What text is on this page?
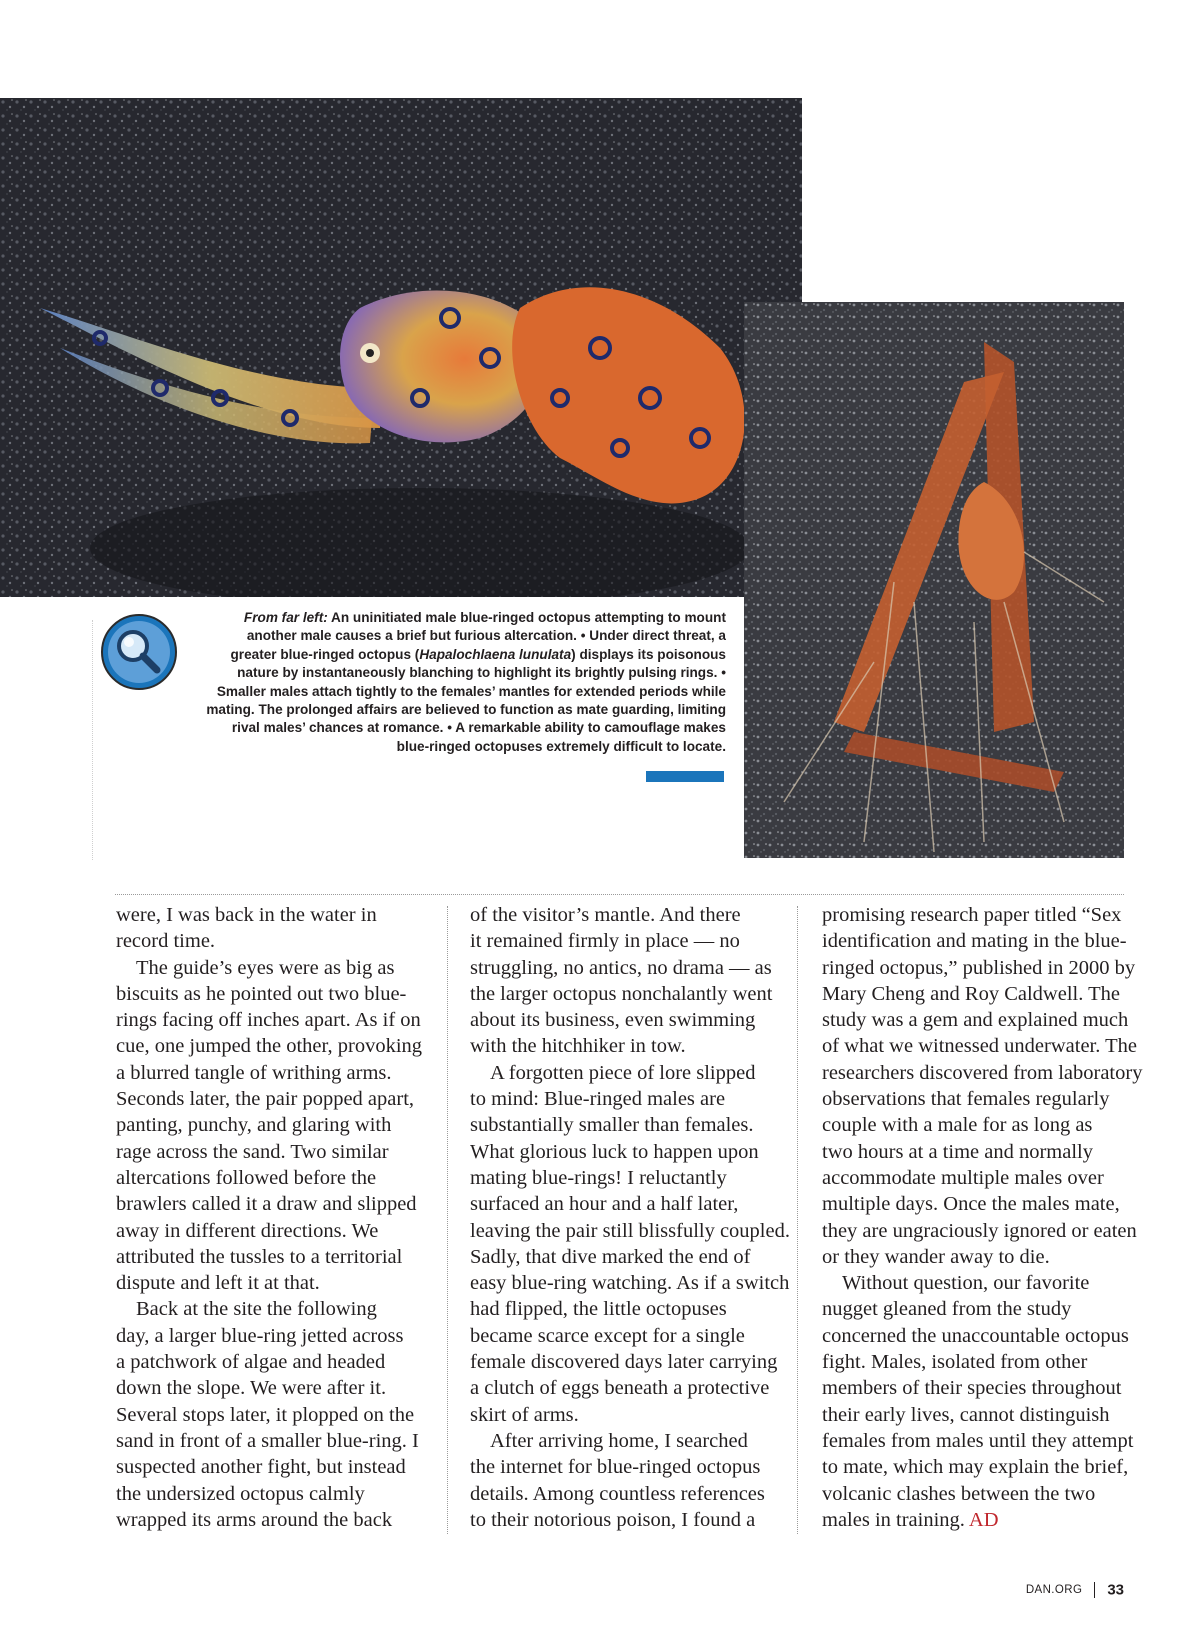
From far left: An uninitiated male blue-ringed octopus attempting to mount another male causes a brief but furious altercation. • Under direct threat, a greater blue-ringed octopus (Hapalochlaena lunulata) displays its poisonous nature by instantaneously blanching to highlight its brightly pulsing rings. • Smaller males attach tightly to the females’ mantles for extended periods while mating. The prolonged affairs are believed to function as mate guarding, limiting rival males’ chances at romance. • A remarkable ability to camouflage makes blue-ringed octopuses extremely difficult to locate.

were, I was back in the water in

record time.

The guide’s eyes were as big as

biscuits as he pointed out two blue-

rings facing off inches apart. As if on

cue, one jumped the other, provoking

a blurred tangle of writhing arms.

Seconds later, the pair popped apart,

panting, punchy, and glaring with

rage across the sand. Two similar

altercations followed before the

brawlers called it a draw and slipped

away in different directions. We

attributed the tussles to a territorial

dispute and left it at that.

Back at the site the following

day, a larger blue-ring jetted across

a patchwork of algae and headed

down the slope. We were after it.

Several stops later, it plopped on the

sand in front of a smaller blue-ring. I

suspected another fight, but instead

the undersized octopus calmly

wrapped its arms around the back

of the visitor’s mantle. And there

it remained firmly in place — no

struggling, no antics, no drama — as

the larger octopus nonchalantly went

about its business, even swimming

with the hitchhiker in tow.

A forgotten piece of lore slipped

to mind: Blue-ringed males are

substantially smaller than females.

What glorious luck to happen upon

mating blue-rings! I reluctantly

surfaced an hour and a half later,

leaving the pair still blissfully coupled.

Sadly, that dive marked the end of

easy blue-ring watching. As if a switch

had flipped, the little octopuses

became scarce except for a single

female discovered days later carrying

a clutch of eggs beneath a protective

skirt of arms.

After arriving home, I searched

the internet for blue-ringed octopus

details. Among countless references

to their notorious poison, I found a

promising research paper titled “Sex

identification and mating in the blue-

ringed octopus,” published in 2000 by

Mary Cheng and Roy Caldwell. The

study was a gem and explained much

of what we witnessed underwater. The

researchers discovered from laboratory

observations that females regularly

couple with a male for as long as

two hours at a time and normally

accommodate multiple males over

multiple days. Once the males mate,

they are ungraciously ignored or eaten

or they wander away to die.

Without question, our favorite

nugget gleaned from the study

concerned the unaccountable octopus

fight. Males, isolated from other

members of their species throughout

their early lives, cannot distinguish

females from males until they attempt

to mate, which may explain the brief,

volcanic clashes between the two

males in training. AD

DAN.ORG 33
